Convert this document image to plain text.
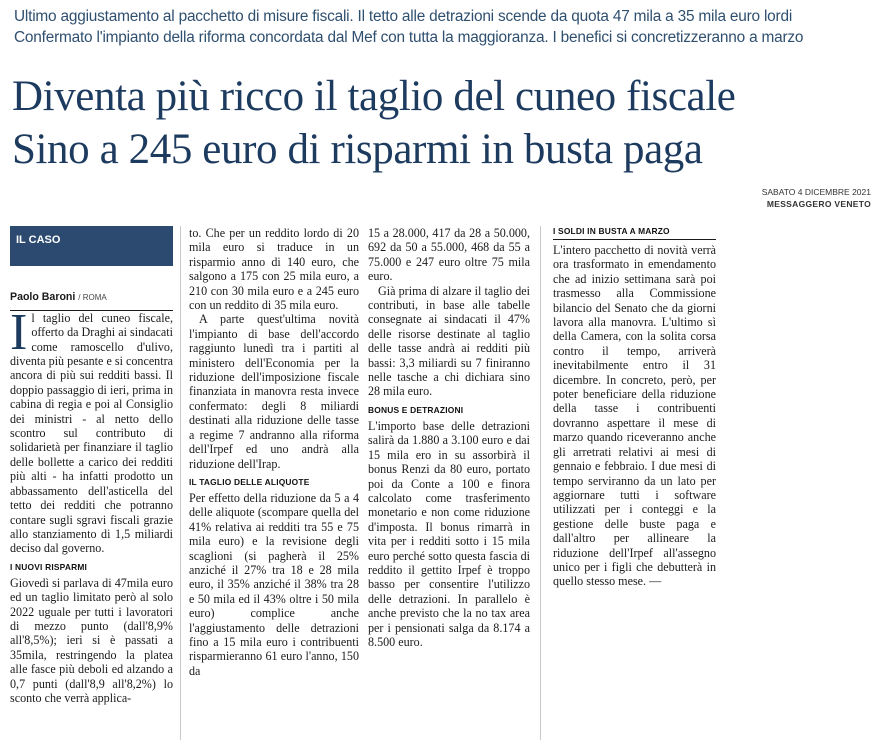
Ultimo aggiustamento al pacchetto di misure fiscali. Il tetto alle detrazioni scende da quota 47 mila a 35 mila euro lordi
Confermato l'impianto della riforma concordata dal Mef con tutta la maggioranza. I benefici si concretizzeranno a marzo
Diventa più ricco il taglio del cuneo fiscale
Sino a 245 euro di risparmi in busta paga
SABATO 4 DICEMBRE 2021
MESSAGGERO VENETO
IL CASO
Paolo Baroni / ROMA

I l taglio del cuneo fiscale, offerto da Draghi ai sindacati come ramoscello d'ulivo, diventa più pesante e si concentra ancora di più sui redditi bassi. Il doppio passaggio di ieri, prima in cabina di regia e poi al Consiglio dei ministri - al netto dello scontro sul contributo di solidarietà per finanziare il taglio delle bollette a carico dei redditi più alti - ha infatti prodotto un abbassamento dell'asticella del tetto dei redditi che potranno contare sugli sgravi fiscali grazie allo stanziamento di 1,5 miliardi deciso dal governo.

I NUOVI RISPARMI

Giovedì si parlava di 47mila euro ed un taglio limitato però al solo 2022 uguale per tutti i lavoratori di mezzo punto (dall'8,9% all'8,5%); ieri si è passati a 35mila, restringendo la platea alle fasce più deboli ed alzando a 0,7 punti (dall'8,9 all'8,2%) lo sconto che verrà applica-

to. Che per un reddito lordo di 20 mila euro si traduce in un risparmio anno di 140 euro, che salgono a 175 con 25 mila euro, a 210 con 30 mila euro e a 245 euro con un reddito di 35 mila euro.

A parte quest'ultima novità l'impianto di base dell'accordo raggiunto lunedì tra i partiti al ministero dell'Economia per la riduzione dell'imposizione fiscale finanziata in manovra resta invece confermato: degli 8 miliardi destinati alla riduzione delle tasse a regime 7 andranno alla riforma dell'Irpef ed uno andrà alla riduzione dell'Irap.

IL TAGLIO DELLE ALIQUOTE

Per effetto della riduzione da 5 a 4 delle aliquote (scompare quella del 41% relativa ai redditi tra 55 e 75 mila euro) e la revisione degli scaglioni (si pagherà il 25% anziché il 27% tra 18 e 28 mila euro, il 35% anziché il 38% tra 28 e 50 mila ed il 43% oltre i 50 mila euro) complice anche l'aggiustamento delle detrazioni fino a 15 mila euro i contribuenti risparmieranno 61 euro l'anno, 150 da

15 a 28.000, 417 da 28 a 50.000, 692 da 50 a 55.000, 468 da 55 a 75.000 e 247 euro oltre 75 mila euro.

Già prima di alzare il taglio dei contributi, in base alle tabelle consegnate ai sindacati il 47% delle risorse destinate al taglio delle tasse andrà ai redditi più bassi: 3,3 miliardi su 7 finiranno nelle tasche a chi dichiara sino 28 mila euro.

BONUS E DETRAZIONI

L'importo base delle detrazioni salirà da 1.880 a 3.100 euro e dai 15 mila ero in su assorbirà il bonus Renzi da 80 euro, portato poi da Conte a 100 e finora calcolato come trasferimento monetario e non come riduzione d'imposta. Il bonus rimarrà in vita per i redditi sotto i 15 mila euro perché sotto questa fascia di reddito il gettito Irpef è troppo basso per consentire l'utilizzo delle detrazioni. In parallelo è anche previsto che la no tax area per i pensionati salga da 8.174 a 8.500 euro.

I SOLDI IN BUSTA A MARZO

L'intero pacchetto di novità verrà ora trasformato in emendamento che ad inizio settimana sarà poi trasmesso alla Commissione bilancio del Senato che da giorni lavora alla manovra. L'ultimo sì della Camera, con la solita corsa contro il tempo, arriverà inevitabilmente entro il 31 dicembre. In concreto, però, per poter beneficiare della riduzione della tasse i contribuenti dovranno aspettare il mese di marzo quando riceveranno anche gli arretrati relativi ai mesi di gennaio e febbraio. I due mesi di tempo serviranno da un lato per aggiornare tutti i software utilizzati per i conteggi e la gestione delle buste paga e dall'altro per allineare la riduzione dell'Irpef all'assegno unico per i figli che debutterà in quello stesso mese. —
